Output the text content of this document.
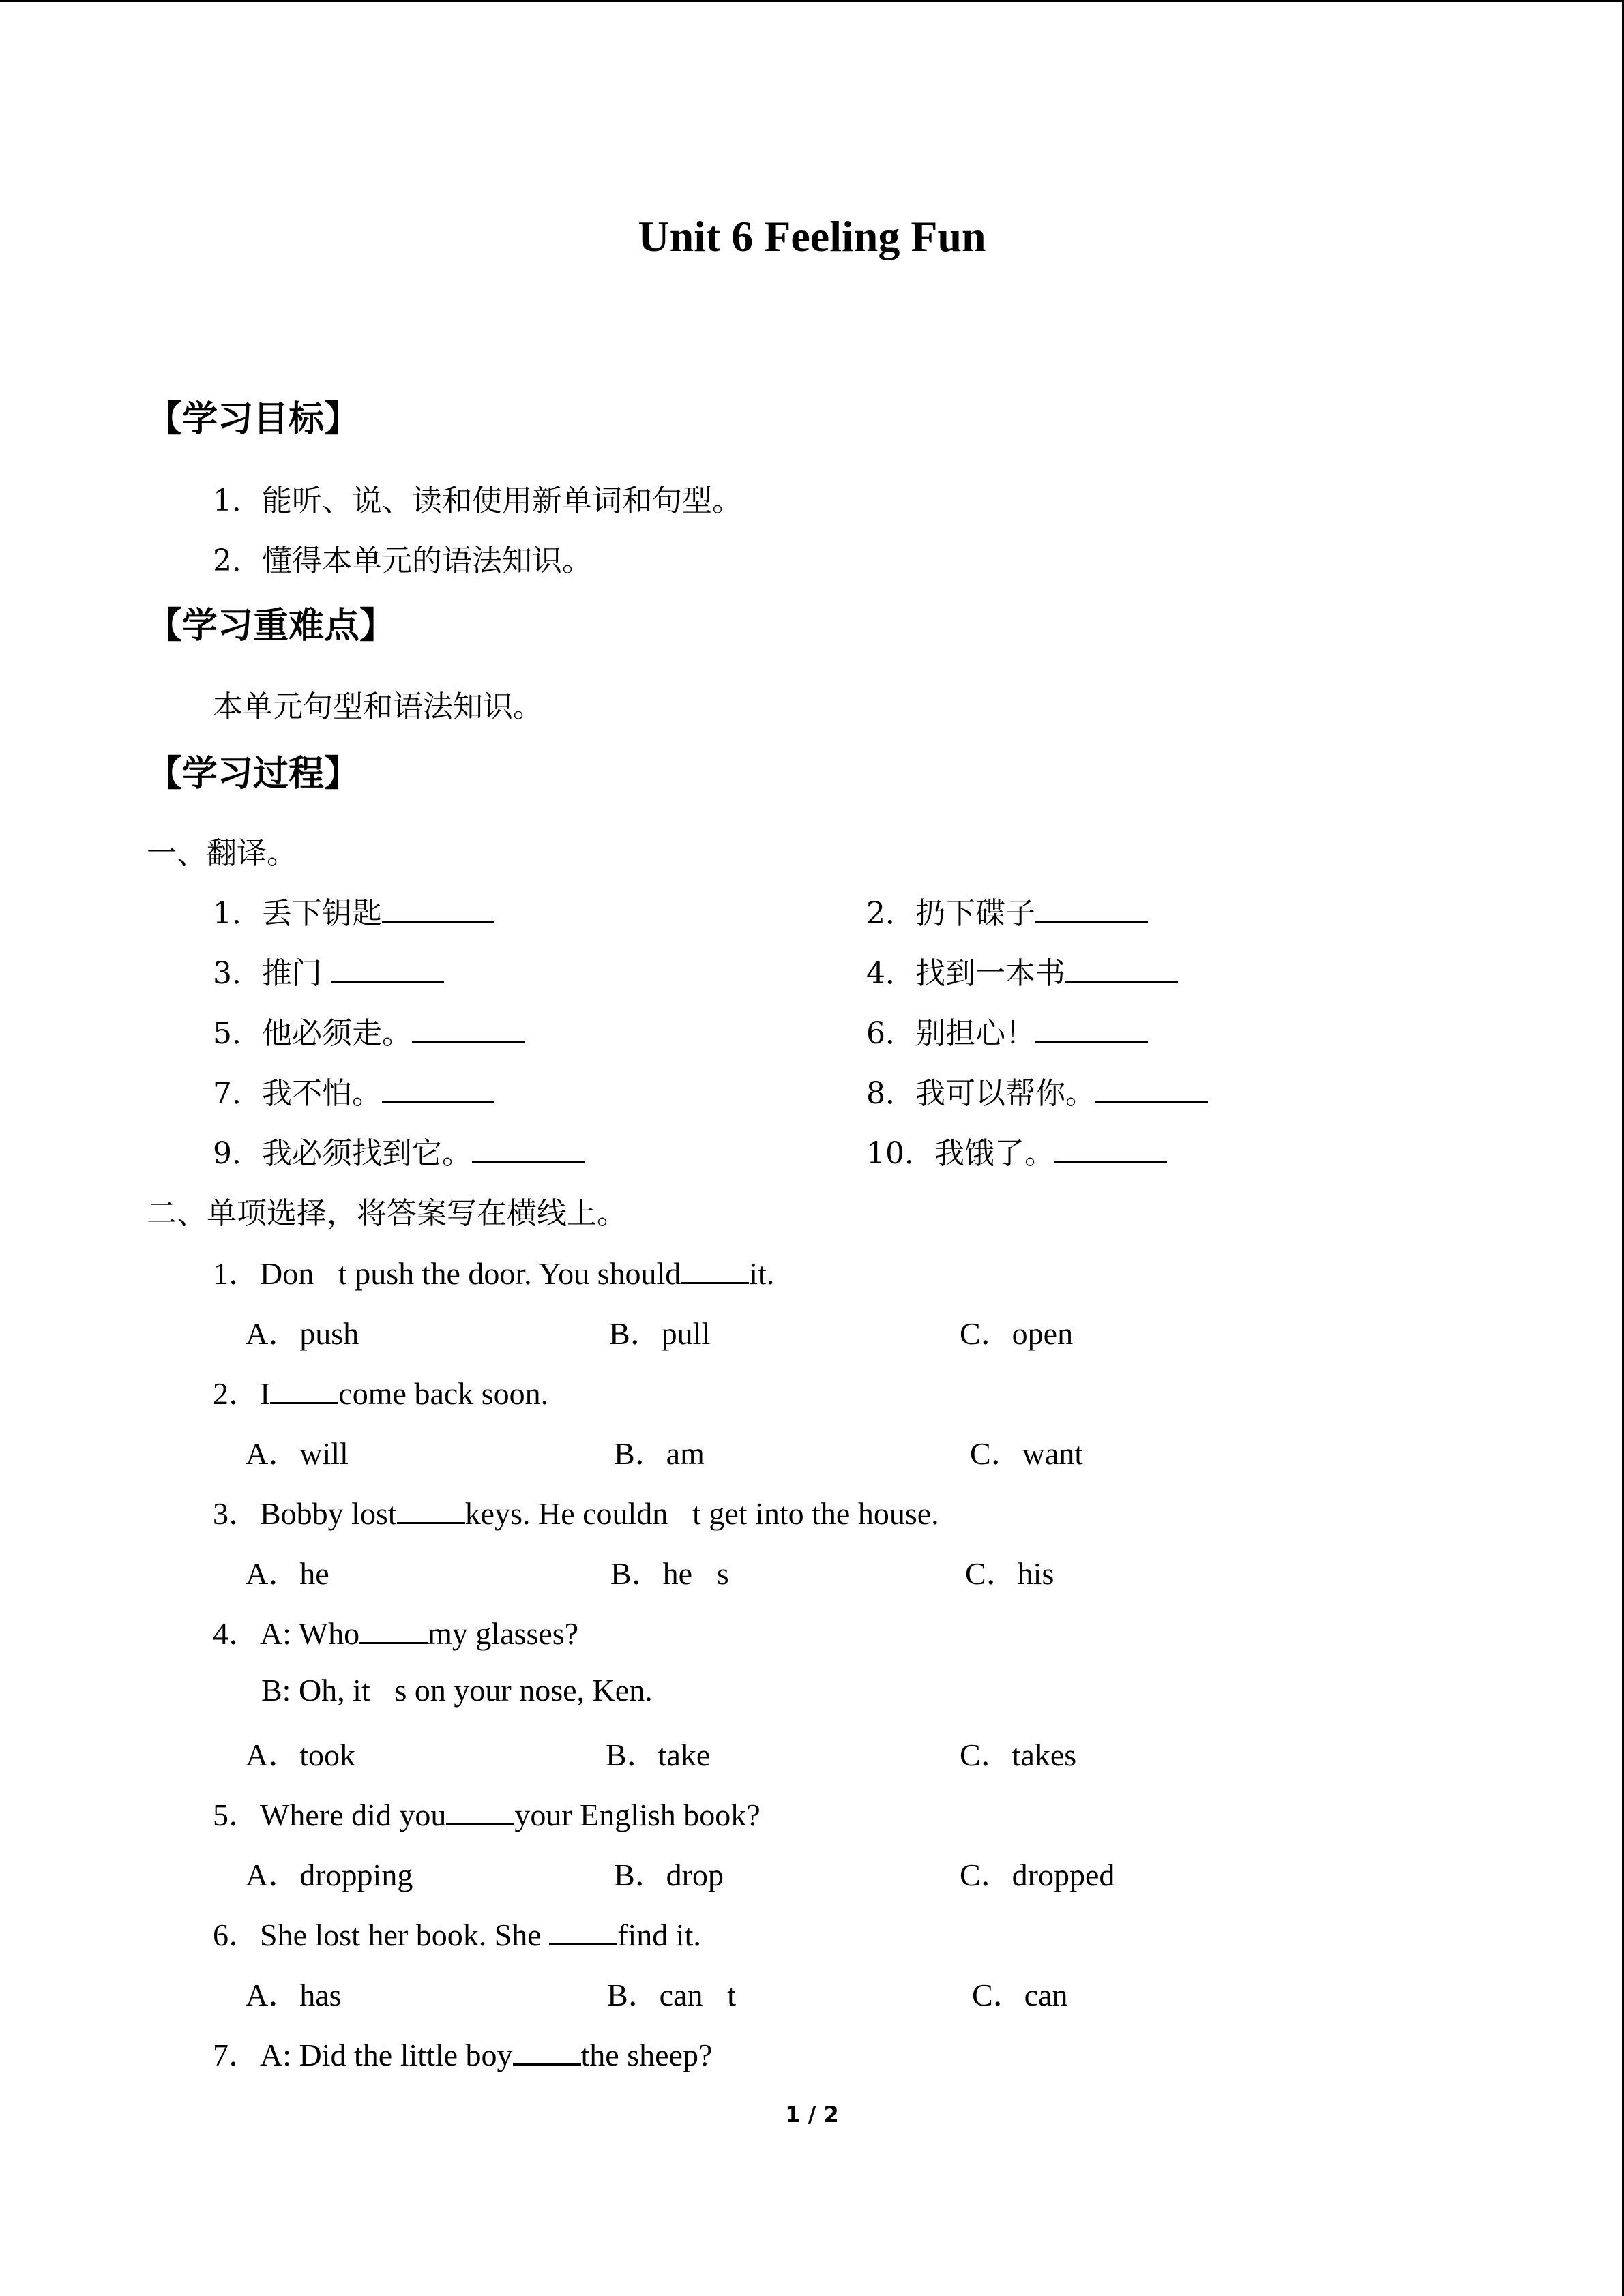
Unit 6 Feeling Fun
【学习目标】
1．能听、说、读和使用新单词和句型。
2．懂得本单元的语法知识。
【学习重难点】
本单元句型和语法知识。
【学习过程】
一、翻译。
1．丢下钥匙	2．扔下碟子
3．推门	4．找到一本书
5．他必须走。	6．别担心！
7．我不怕。	8．我可以帮你。
9．我必须找到它。	10．我饿了。
二、单项选择，将答案写在横线上。
1．Don t push the door. You should it.
A．push	B．pull	C．open
2．I come back soon.
A．will	B．am	C．want
3．Bobby lost keys. He couldn t get into the house.
A．he	B．he s	C．his
4．A: Who my glasses?
B: Oh, it s on your nose, Ken.
A．took	B．take	C．takes
5．Where did you your English book?
A．dropping	B．drop	C．dropped
6．She lost her book. She find it.
A．has	B．can t	C．can
7．A: Did the little boy the sheep?
1 / 2
